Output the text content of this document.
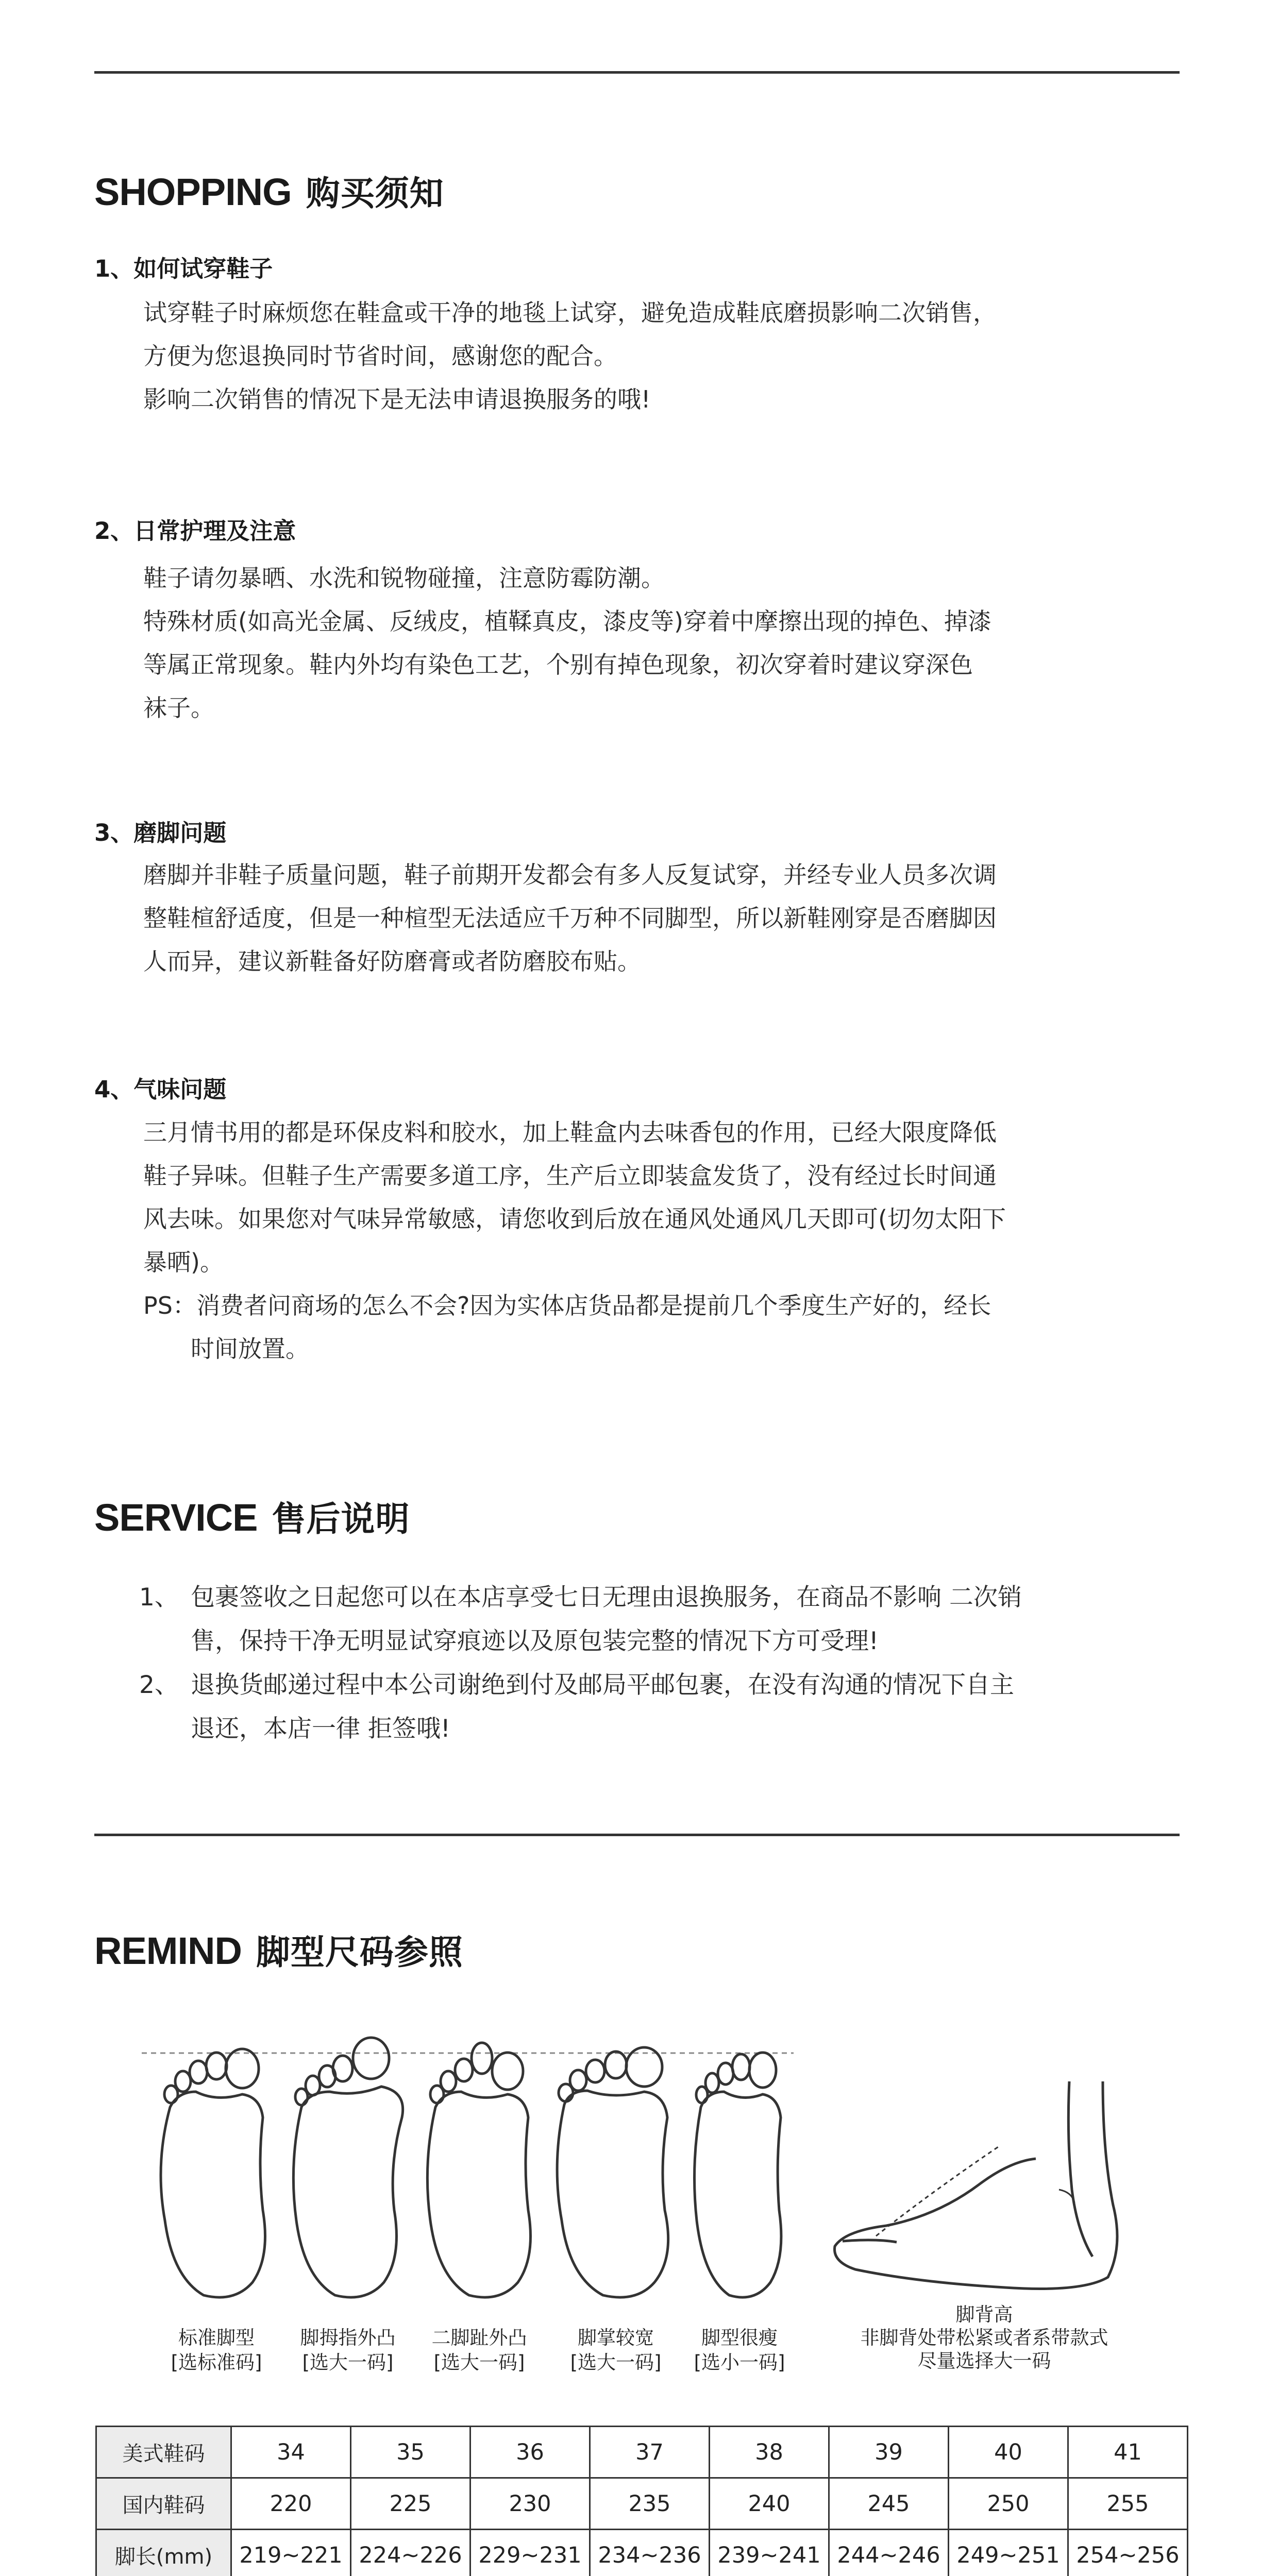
SHOPPING 购买须知
1、如何试穿鞋子

试穿鞋子时麻烦您在鞋盒或干净的地毯上试穿，避免造成鞋底磨损影响二次销售，

方便为您退换同时节省时间，感谢您的配合。

影响二次销售的情况下是无法申请退换服务的哦!

2、日常护理及注意

鞋子请勿暴晒、水洗和锐物碰撞，注意防霉防潮。

特殊材质(如高光金属、反绒皮，植鞣真皮，漆皮等)穿着中摩擦出现的掉色、掉漆

等属正常现象。鞋内外均有染色工艺，个别有掉色现象，初次穿着时建议穿深色

袜子。

3、磨脚问题

磨脚并非鞋子质量问题，鞋子前期开发都会有多人反复试穿，并经专业人员多次调

整鞋楦舒适度，但是一种楦型无法适应千万种不同脚型，所以新鞋刚穿是否磨脚因

人而异，建议新鞋备好防磨膏或者防磨胶布贴。

4、气味问题

三月情书用的都是环保皮料和胶水，加上鞋盒内去味香包的作用，已经大限度降低

鞋子异味。但鞋子生产需要多道工序，生产后立即装盒发货了，没有经过长时间通

风去味。如果您对气味异常敏感，请您收到后放在通风处通风几天即可(切勿太阳下

暴晒)。

PS：消费者问商场的怎么不会?因为实体店货品都是提前几个季度生产好的，经长

　　时间放置。

SERVICE 售后说明
1、 包裹签收之日起您可以在本店享受七日无理由退换服务，在商品不影响 二次销
售，保持干净无明显试穿痕迹以及原包装完整的情况下方可受理!
2、 退换货邮递过程中本公司谢绝到付及邮局平邮包裹，在没有沟通的情况下自主
退还，本店一律 拒签哦!
REMIND 脚型尺码参照
标准脚型
[选标准码]
脚拇指外凸
[选大一码]
二脚趾外凸
[选大一码]
脚掌较宽
[选大一码]
脚型很瘦
[选小一码]
脚背高
非脚背处带松紧或者系带款式
尽量选择大一码
美式鞋码	34	35	36	37	38	39	40	41
国内鞋码	220	225	230	235	240	245	250	255
脚长(mm)	219~221	224~226	229~231	234~236	239~241	244~246	249~251	254~256
